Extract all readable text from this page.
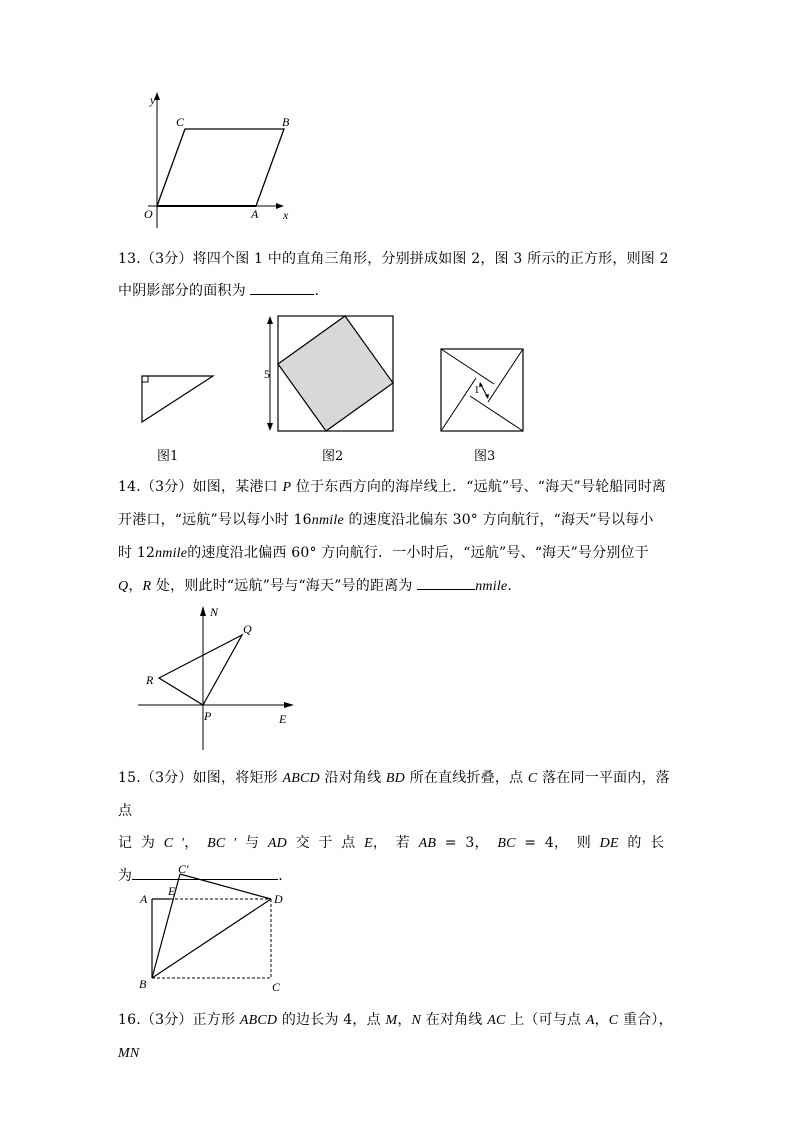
y
x
O	A
B
C
13.（3分）将四个图 1 中的直角三角形，分别拼成如图 2，图 3 所示的正方形，则图 2 中阴影部分的面积为	.
5
1
图1	图2	图3
14.（3分）如图，某港口 P 位于东西方向的海岸线上．“远航”号、“海天”号轮船同时离
开港口，“远航”号以每小时 16nmile 的速度沿北偏东 30° 方向航行，“海天”号以每小
时 12nmile的速度沿北偏西 60° 方向航行．一小时后，“远航”号、“海天”号分别位于
Q，R 处，则此时“远航”号与“海天”号的距离为	nmile.
N
Q
R
P	E
15.（3分）如图，将矩形 ABCD 沿对角线 BD 所在直线折叠，点 C 落在同一平面内，落点
记 为 C ′， BC ′ 与 AD 交 于 点 E， 若 AB = 3， BC = 4， 则 DE 的 长
为	.
C′
E
A	D
B	C
16.（3分）正方形 ABCD 的边长为 4，点 M，N 在对角线 AC 上（可与点 A，C 重合），MN
